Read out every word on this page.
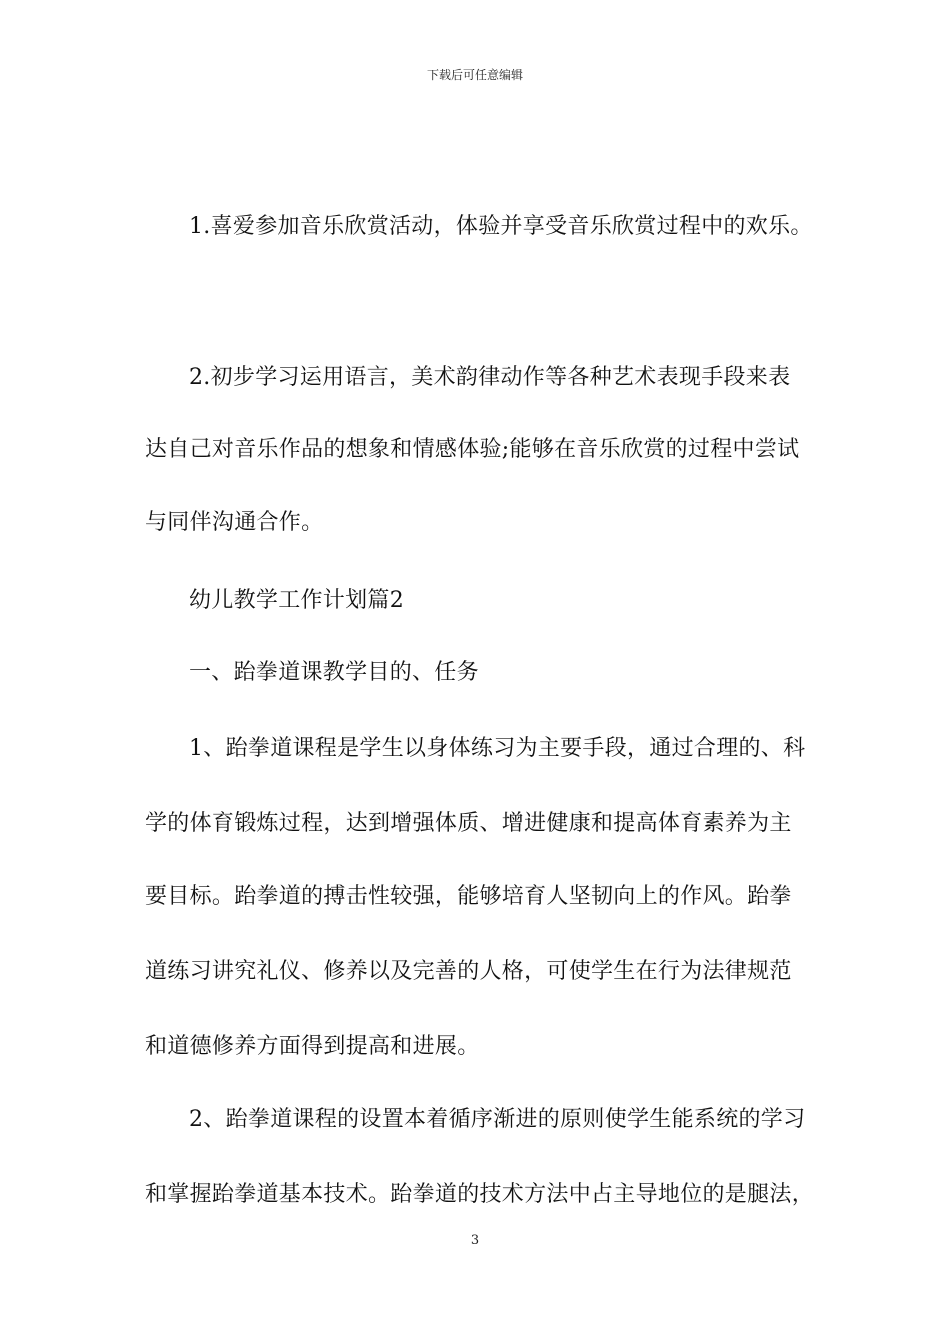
下载后可任意编辑
1.喜爱参加音乐欣赏活动，体验并享受音乐欣赏过程中的欢乐。
2.初步学习运用语言，美术韵律动作等各种艺术表现手段来表
达自己对音乐作品的想象和情感体验;能够在音乐欣赏的过程中尝试
与同伴沟通合作。
幼儿教学工作计划篇2
一、跆拳道课教学目的、任务
1、跆拳道课程是学生以身体练习为主要手段，通过合理的、科
学的体育锻炼过程，达到增强体质、增进健康和提高体育素养为主
要目标。跆拳道的搏击性较强，能够培育人坚韧向上的作风。跆拳
道练习讲究礼仪、修养以及完善的人格，可使学生在行为法律规范
和道德修养方面得到提高和进展。
2、跆拳道课程的设置本着循序渐进的原则使学生能系统的学习
和掌握跆拳道基本技术。跆拳道的技术方法中占主导地位的是腿法，
3
